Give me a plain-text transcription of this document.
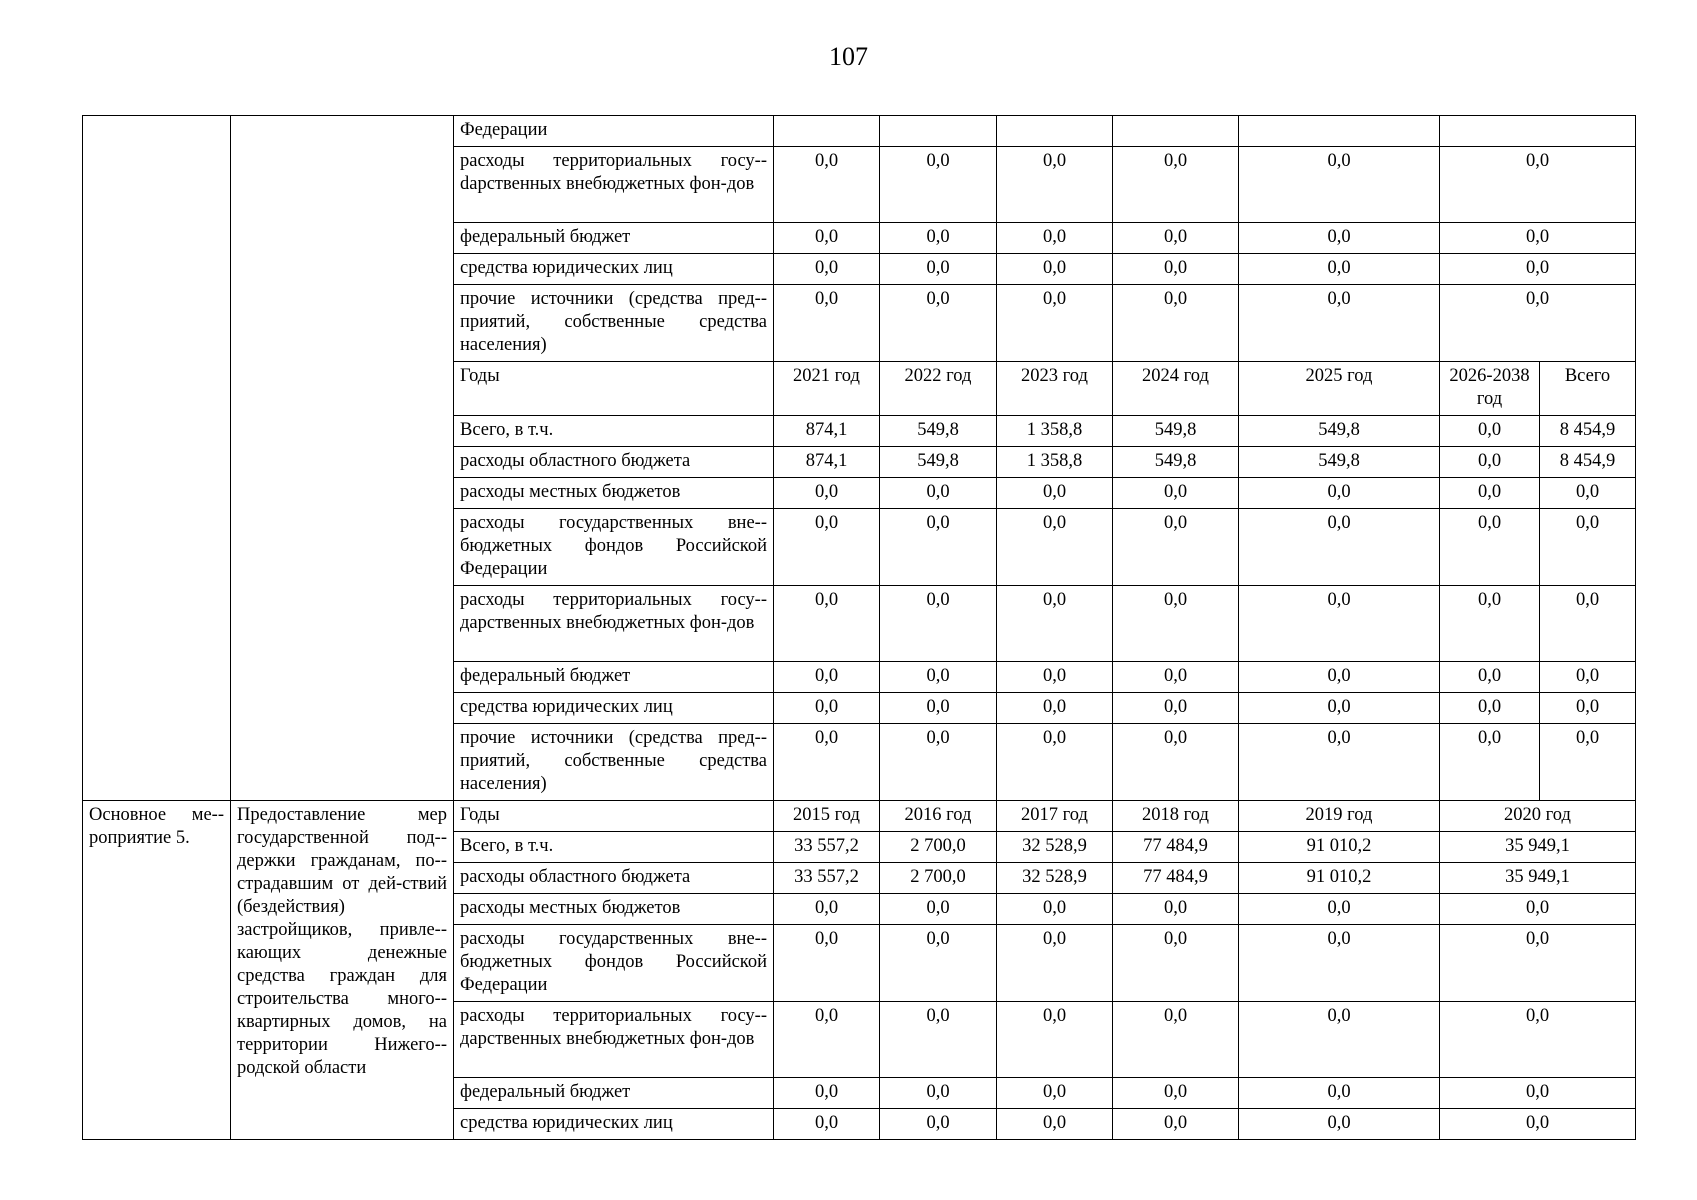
107
		Федерации							
		расходы территориальных госу-dарственных внебюджетных фон-дов	0,0	0,0	0,0	0,0	0,0	0,0	
		федеральный бюджет	0,0	0,0	0,0	0,0	0,0	0,0	
		средства юридических лиц	0,0	0,0	0,0	0,0	0,0	0,0	
		прочие источники (средства пред-приятий, собственные средства населения)	0,0	0,0	0,0	0,0	0,0	0,0	
		Годы	2021 год	2022 год	2023 год	2024 год	2025 год	2026-2038 год	Всего
		Всего, в т.ч.	874,1	549,8	1 358,8	549,8	549,8	0,0	8 454,9
		расходы областного бюджета	874,1	549,8	1 358,8	549,8	549,8	0,0	8 454,9
		расходы местных бюджетов	0,0	0,0	0,0	0,0	0,0	0,0	0,0
		расходы государственных вне-бюджетных фондов Российской Федерации	0,0	0,0	0,0	0,0	0,0	0,0	0,0
		расходы территориальных госу-дарственных внебюджетных фон-дов	0,0	0,0	0,0	0,0	0,0	0,0	0,0
		федеральный бюджет	0,0	0,0	0,0	0,0	0,0	0,0	0,0
		средства юридических лиц	0,0	0,0	0,0	0,0	0,0	0,0	0,0
		прочие источники (средства пред-приятий, собственные средства населения)	0,0	0,0	0,0	0,0	0,0	0,0	0,0
Основное ме-роприятие 5.	Предоставление мер государственной под-держки гражданам, по-страдавшим от дей-ствий (бездействия) застройщиков, привле-кающих денежные средства граждан для строительства много-квартирных домов, на территории Нижего-родской области	Годы	2015 год	2016 год	2017 год	2018 год	2019 год	2020 год	
		Всего, в т.ч.	33 557,2	2 700,0	32 528,9	77 484,9	91 010,2	35 949,1	
		расходы областного бюджета	33 557,2	2 700,0	32 528,9	77 484,9	91 010,2	35 949,1	
		расходы местных бюджетов	0,0	0,0	0,0	0,0	0,0	0,0	
		расходы государственных вне-бюджетных фондов Российской Федерации	0,0	0,0	0,0	0,0	0,0	0,0	
		расходы территориальных госу-дарственных внебюджетных фон-дов	0,0	0,0	0,0	0,0	0,0	0,0	
		федеральный бюджет	0,0	0,0	0,0	0,0	0,0	0,0	
		средства юридических лиц	0,0	0,0	0,0	0,0	0,0	0,0	
